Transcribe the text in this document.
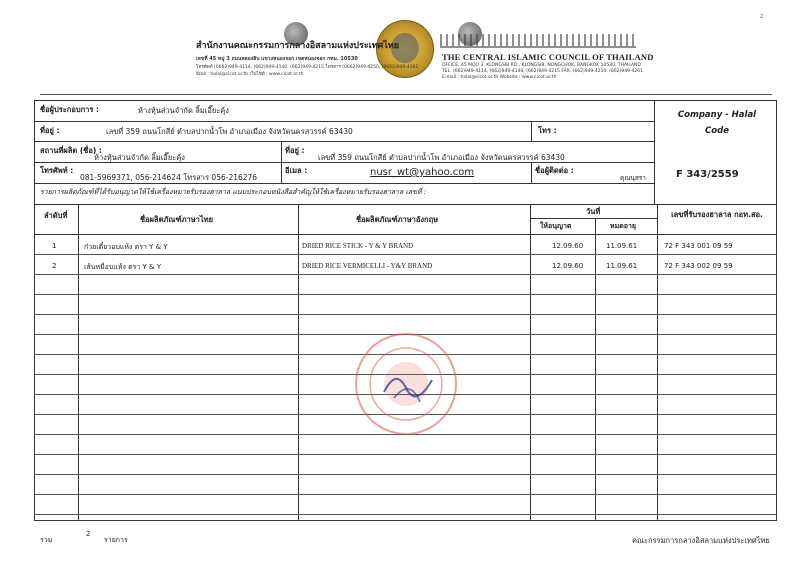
สำนักงานคณะกรรมการกลางอิสลามแห่งประเทศไทย
เลขที่ 45 หมู่ 3 ถนนคลองสิบ แขวงหนองจอก เขตหนองจอก กทม. 10530
โทรศัพท์ (0662)949-4114, (662)949-4140, (662)949-4215 โทรสาร (0662)949-4250, (0662)949-4261
อีเมล : halal@cicot.or.th เว็บไซต์ : www.cicot.or.th
THE CENTRAL ISLAMIC COUNCIL OF THAILAND
OFFICE: 45 MOO 3, KLONGSIB RD., KLONGSIB, NONGCHOK, BANGKOK 10530, THAILAND
TEL. (662)949-4114, (662)949-4140, (662)949-4215 FAX. (662)949-4250, (662)949-4261
E-mail : halal@cicot.or.th Website : www.cicot.or.th
2
ชื่อผู้ประกอบการ :	ห้างหุ้นส่วนจำกัด ลิ้มเอี๊ยะคุ้ง
ที่อยู่ :	เลขที่ 359 ถนนโกสีย์ ตำบลปากน้ำโพ อำเภอเมือง จังหวัดนครสวรรค์ 63430	โทร :
สถานที่ผลิต (ชื่อ) :
ห้างหุ้นส่วนจำกัด ลิ้มเอี๊ยะคุ้ง
ที่อยู่ :
เลขที่ 359 ถนนโกสีย์ ตำบลปากน้ำโพ อำเภอเมือง จังหวัดนครสวรรค์ 63430
โทรศัพท์ :
081-5969371, 056-214624 โทรสาร 056-216276
อีเมล :	nusr_wt@yahoo.com	ชื่อผู้ติดต่อ :
คุณนุสรา
Company - Halal Code
F 343/2559
รายการผลิตภัณฑ์ที่ได้รับอนุญาตให้ใช้เครื่องหมายรับรองฮาลาล แนบประกอบหนังสือสำคัญให้ใช้เครื่องหมายรับรองฮาลาล เลขที่ :
ลำดับที่	ชื่อผลิตภัณฑ์ภาษาไทย	ชื่อผลิตภัณฑ์ภาษาอังกฤษ
วันที่
ให้อนุญาต	หมดอายุ
เลขที่รับรองฮาลาล กอท.สอ.
1	ก๋วยเตี๋ยวอบแห้ง ตรา Y & Y	DRIED RICE STICK - Y & Y BRAND	12.09.60	11.09.61	72 F 343 001 09 59
2	เส้นหมี่อบแห้ง ตรา Y & Y	DRIED RICE VERMICELLI - Y&Y BRAND	12.09.60	11.09.61	72 F 343 002 09 59
รวม
2
รายการ	คณะกรรมการกลางอิสลามแห่งประเทศไทย
